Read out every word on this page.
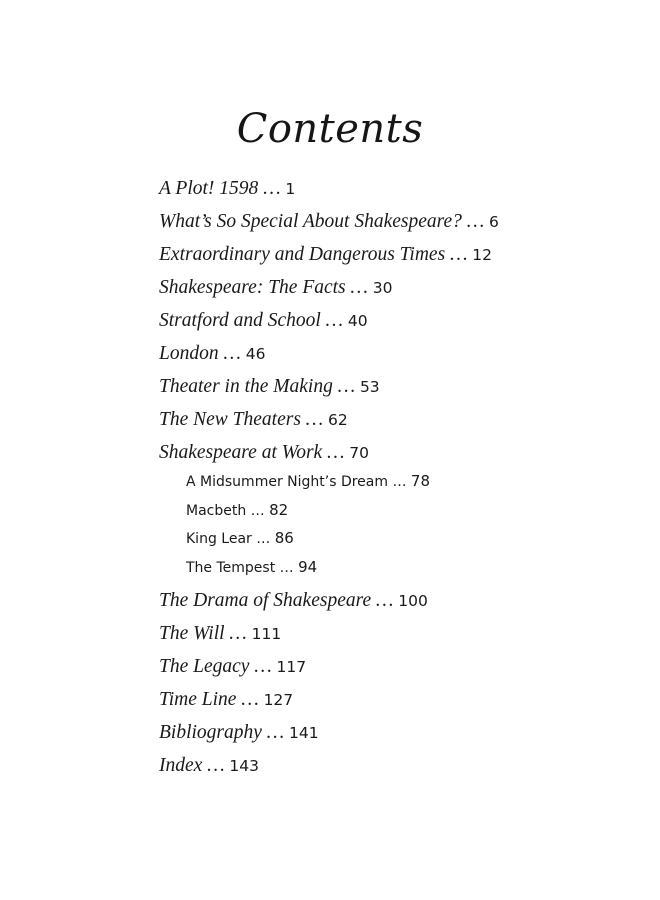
Contents
A Plot! 1598 … 1
What’s So Special About Shakespeare? … 6
Extraordinary and Dangerous Times … 12
Shakespeare: The Facts … 30
Stratford and School … 40
London … 46
Theater in the Making … 53
The New Theaters … 62
Shakespeare at Work … 70
A Midsummer Night’s Dream … 78
Macbeth … 82
King Lear … 86
The Tempest … 94
The Drama of Shakespeare … 100
The Will … 111
The Legacy … 117
Time Line … 127
Bibliography … 141
Index … 143
